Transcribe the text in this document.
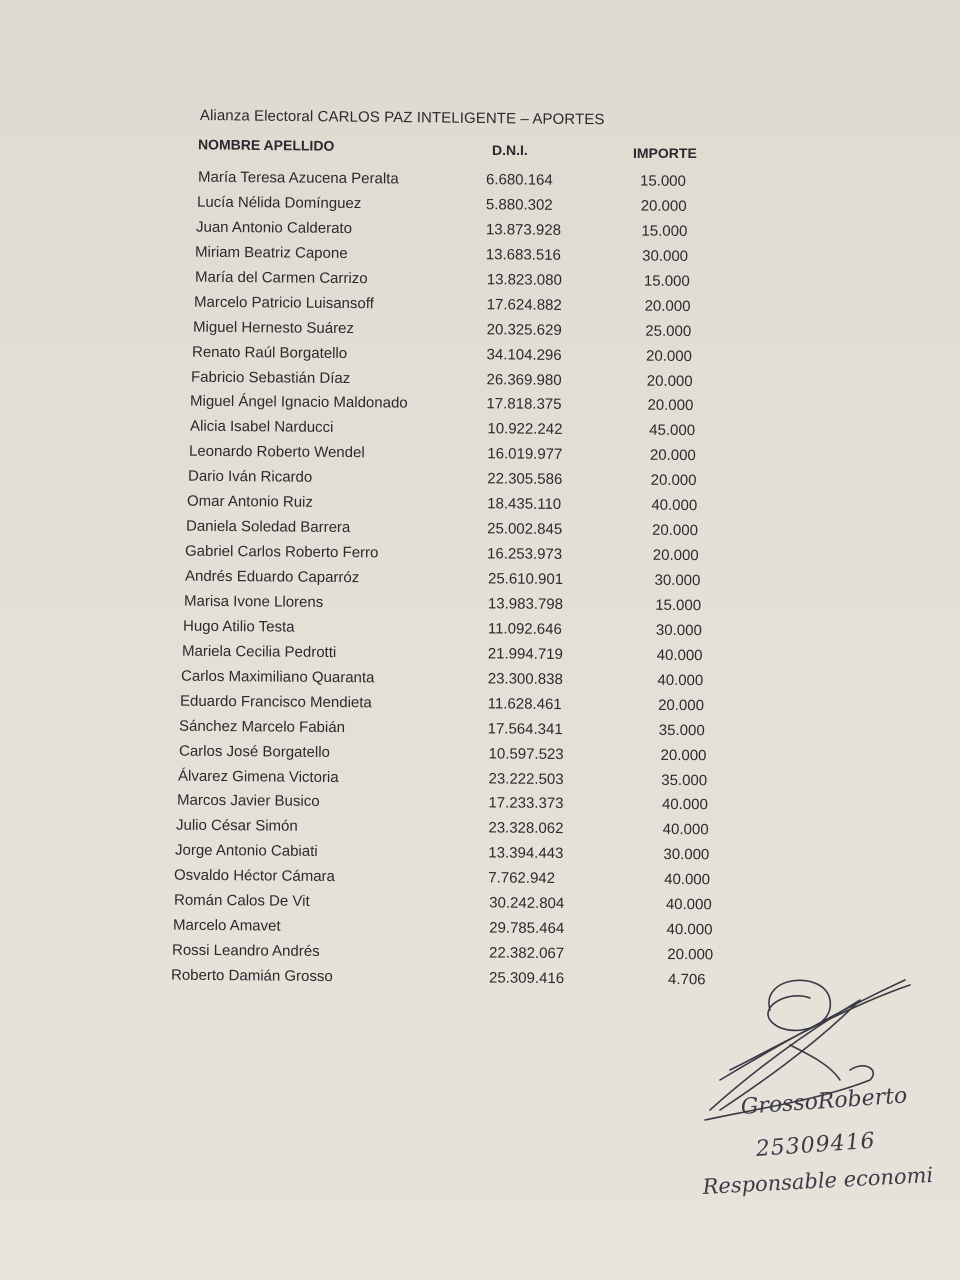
Alianza Electoral CARLOS PAZ INTELIGENTE – APORTES
NOMBRE APELLIDO	D.N.I.	IMPORTE
María Teresa Azucena Peralta	6.680.164	15.000
Lucía Nélida Domínguez	5.880.302	20.000
Juan Antonio Calderato	13.873.928	15.000
Miriam Beatriz Capone	13.683.516	30.000
María del Carmen Carrizo	13.823.080	15.000
Marcelo Patricio Luisansoff	17.624.882	20.000
Miguel Hernesto Suárez	20.325.629	25.000
Renato Raúl Borgatello	34.104.296	20.000
Fabricio Sebastián Díaz	26.369.980	20.000
Miguel Ángel Ignacio Maldonado	17.818.375	20.000
Alicia Isabel Narducci	10.922.242	45.000
Leonardo Roberto Wendel	16.019.977	20.000
Dario Iván Ricardo	22.305.586	20.000
Omar Antonio Ruiz	18.435.110	40.000
Daniela Soledad Barrera	25.002.845	20.000
Gabriel Carlos Roberto Ferro	16.253.973	20.000
Andrés Eduardo Caparróz	25.610.901	30.000
Marisa Ivone Llorens	13.983.798	15.000
Hugo Atilio Testa	11.092.646	30.000
Mariela Cecilia Pedrotti	21.994.719	40.000
Carlos Maximiliano Quaranta	23.300.838	40.000
Eduardo Francisco Mendieta	11.628.461	20.000
Sánchez Marcelo Fabián	17.564.341	35.000
Carlos José Borgatello	10.597.523	20.000
Álvarez Gimena Victoria	23.222.503	35.000
Marcos Javier Busico	17.233.373	40.000
Julio César Simón	23.328.062	40.000
Jorge Antonio Cabiati	13.394.443	30.000
Osvaldo Héctor Cámara	7.762.942	40.000
Román Calos De Vit	30.242.804	40.000
Marcelo Amavet	29.785.464	40.000
Rossi Leandro Andrés	22.382.067	20.000
Roberto Damián Grosso	25.309.416	4.706
GrossoRoberto
25309416
Responsable economi
